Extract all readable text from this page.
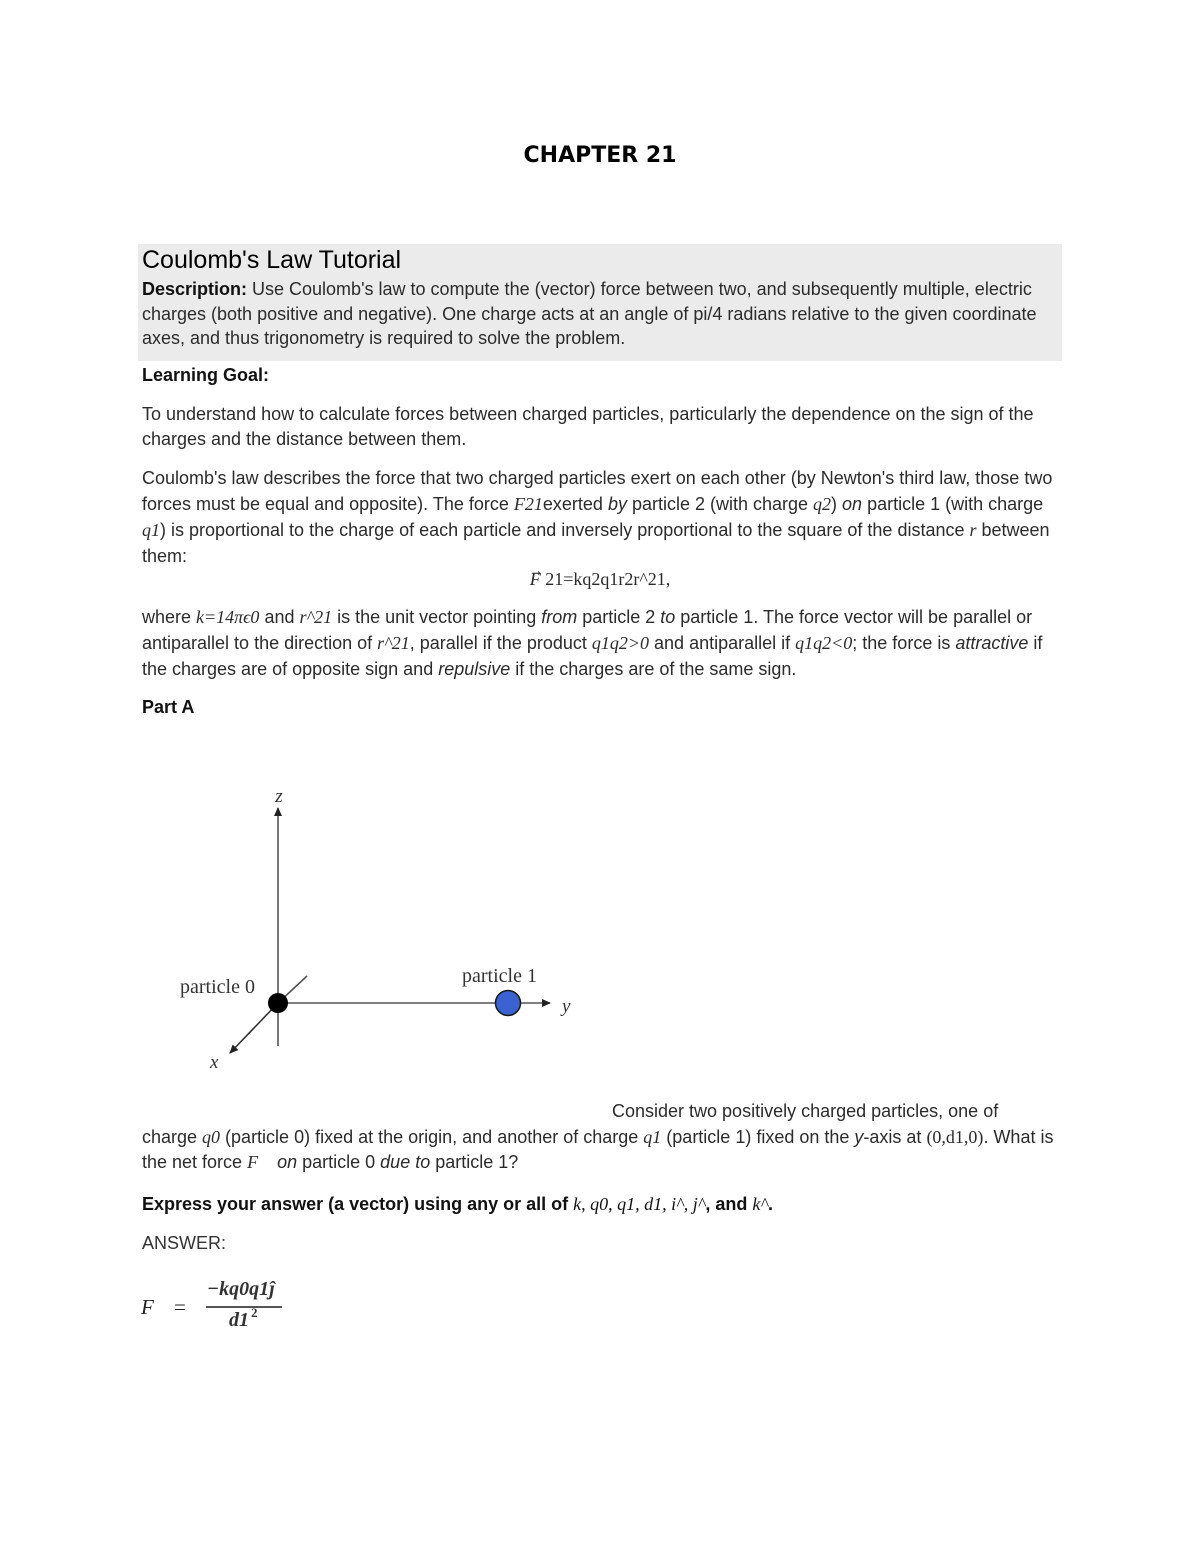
CHAPTER 21
Coulomb's Law Tutorial
Description: Use Coulomb's law to compute the (vector) force between two, and subsequently multiple, electric charges (both positive and negative). One charge acts at an angle of pi/4 radians relative to the given coordinate axes, and thus trigonometry is required to solve the problem.
Learning Goal:
To understand how to calculate forces between charged particles, particularly the dependence on the sign of the charges and the distance between them.
Coulomb's law describes the force that two charged particles exert on each other (by Newton's third law, those two forces must be equal and opposite). The force F21exerted by particle 2 (with charge q2) on particle 1 (with charge q1) is proportional to the charge of each particle and inversely proportional to the square of the distance r between them:
F 21=kq2q1r2r^21,
where k=14πϵ0 and r^21 is the unit vector pointing from particle 2 to particle 1. The force vector will be parallel or antiparallel to the direction of r^21, parallel if the product q1q2>0 and antiparallel if q1q2<0; the force is attractive if the charges are of opposite sign and repulsive if the charges are of the same sign.
Part A
z
y
x
particle 0	particle 1
Consider two positively charged particles, one of charge q0 (particle 0) fixed at the origin, and another of charge q1 (particle 1) fixed on the y-axis at (0,d1,0). What is the net force F⃗ on particle 0 due to particle 1?
Express your answer (a vector) using any or all of k, q0, q1, d1, i^, j^, and k^.
ANSWER:
F⃗ =
−kq0q1ĵ
d1 2
